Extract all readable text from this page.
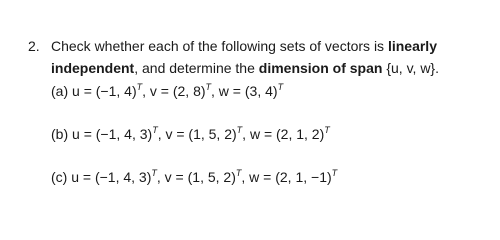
2. Check whether each of the following sets of vectors is linearly
independent, and determine the dimension of span {u, v, w}.
(a) u = (−1, 4)$^T$, v = (2, 8)$^T$, w = (3, 4)$^T$
(b) u = (−1, 4, 3)$^T$, v = (1, 5, 2)$^T$, w = (2, 1, 2)$^T$
(c) u = (−1, 4, 3)$^T$, v = (1, 5, 2)$^T$, w = (2, 1, −1)$^T$
